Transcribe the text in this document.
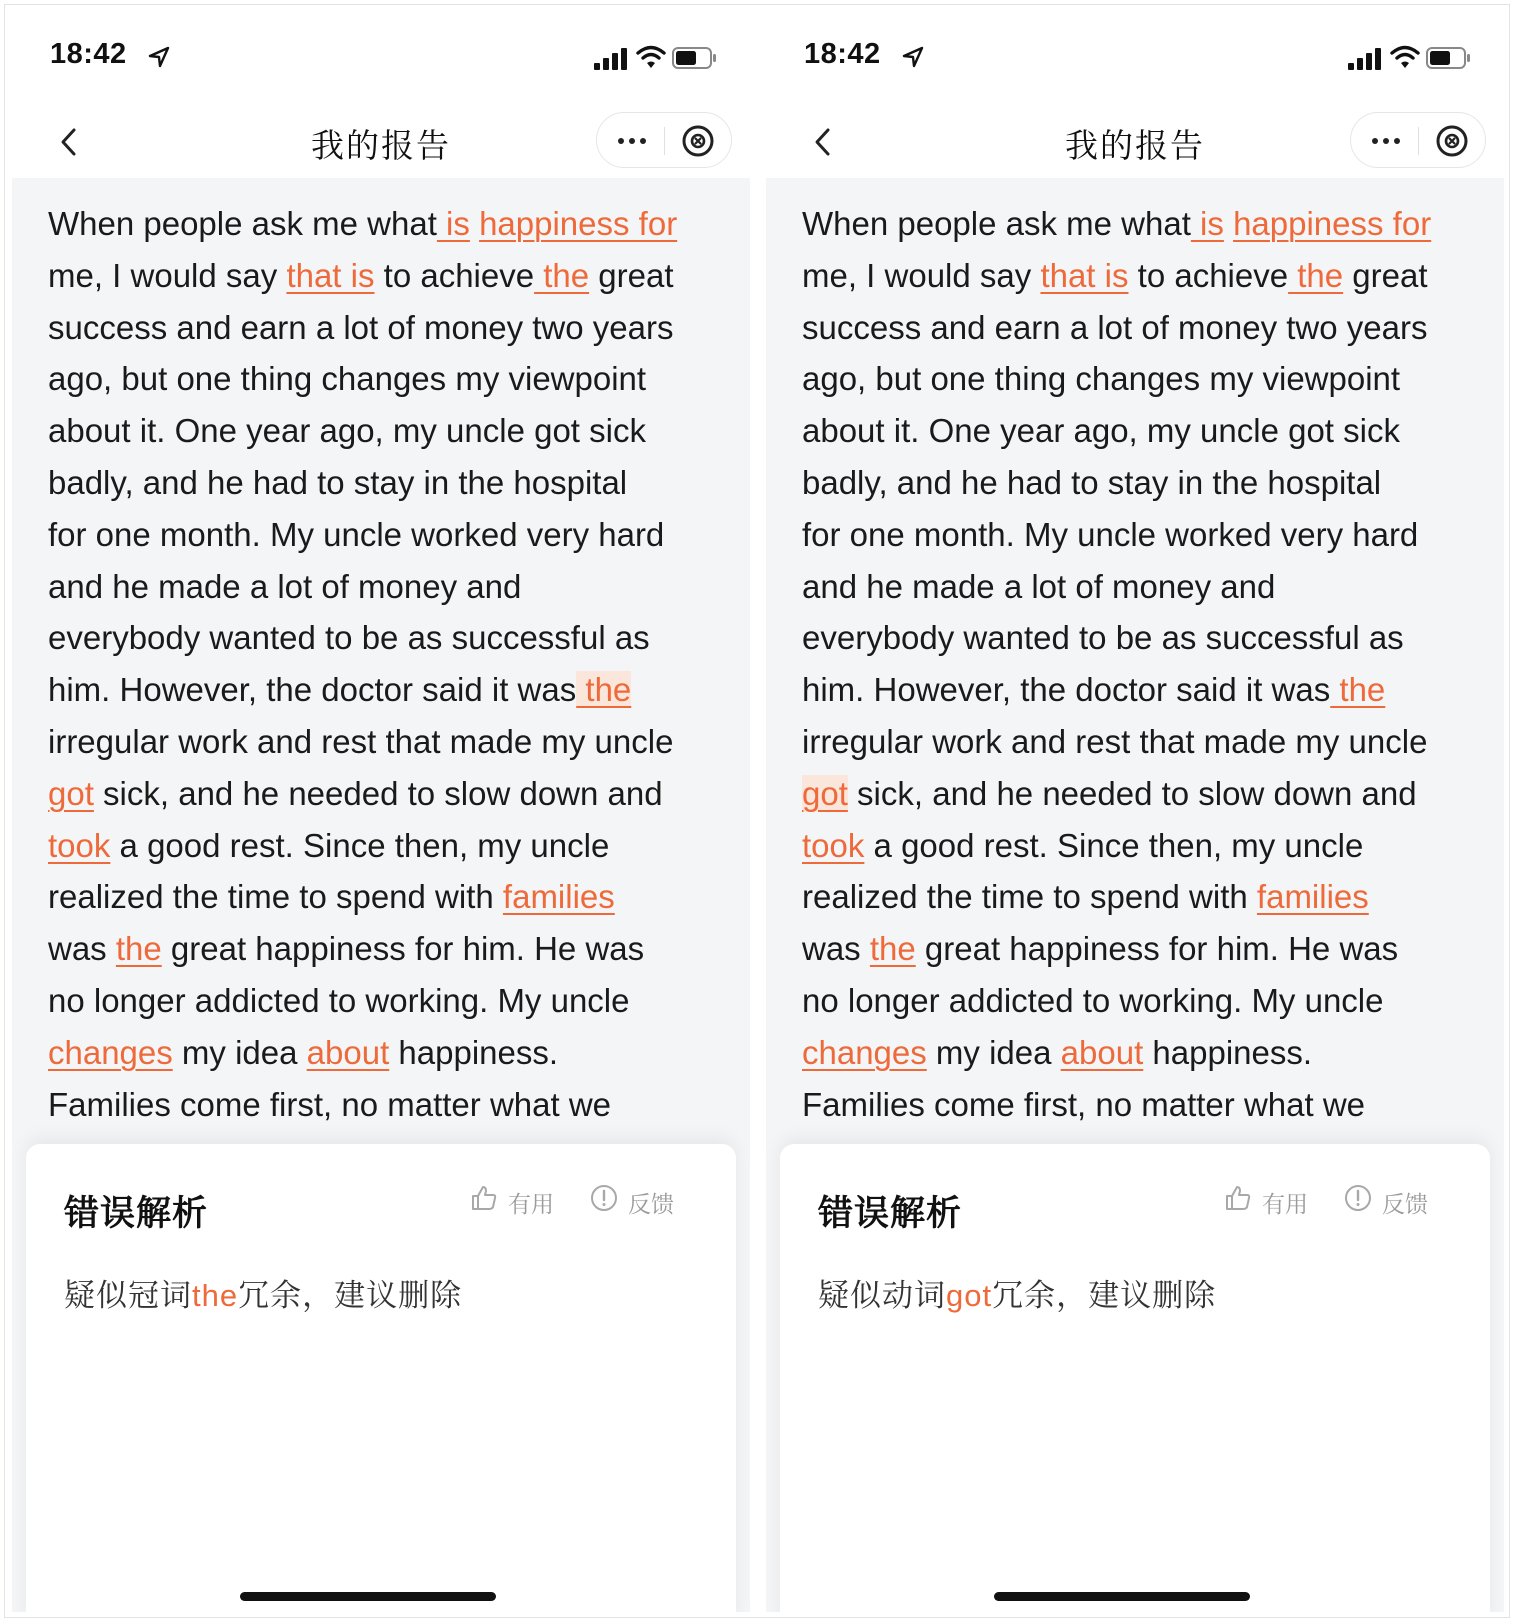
18:42
我的报告
When people ask me what is happiness for
me, I would say that is to achieve the great
success and earn a lot of money two years
ago, but one thing changes my viewpoint
about it. One year ago, my uncle got sick
badly, and he had to stay in the hospital
for one month. My uncle worked very hard
and he made a lot of money and
everybody wanted to be as successful as
him. However, the doctor said it was the
irregular work and rest that made my uncle
got sick, and he needed to slow down and
took a good rest. Since then, my uncle
realized the time to spend with families
was the great happiness for him. He was
no longer addicted to working. My uncle
changes my idea about happiness.
Families come first, no matter what we
错误解析	有用	反馈
疑似冠词the冗余，建议删除
18:42
我的报告
When people ask me what is happiness for
me, I would say that is to achieve the great
success and earn a lot of money two years
ago, but one thing changes my viewpoint
about it. One year ago, my uncle got sick
badly, and he had to stay in the hospital
for one month. My uncle worked very hard
and he made a lot of money and
everybody wanted to be as successful as
him. However, the doctor said it was the
irregular work and rest that made my uncle
got sick, and he needed to slow down and
took a good rest. Since then, my uncle
realized the time to spend with families
was the great happiness for him. He was
no longer addicted to working. My uncle
changes my idea about happiness.
Families come first, no matter what we
错误解析	有用	反馈
疑似动词got冗余，建议删除
